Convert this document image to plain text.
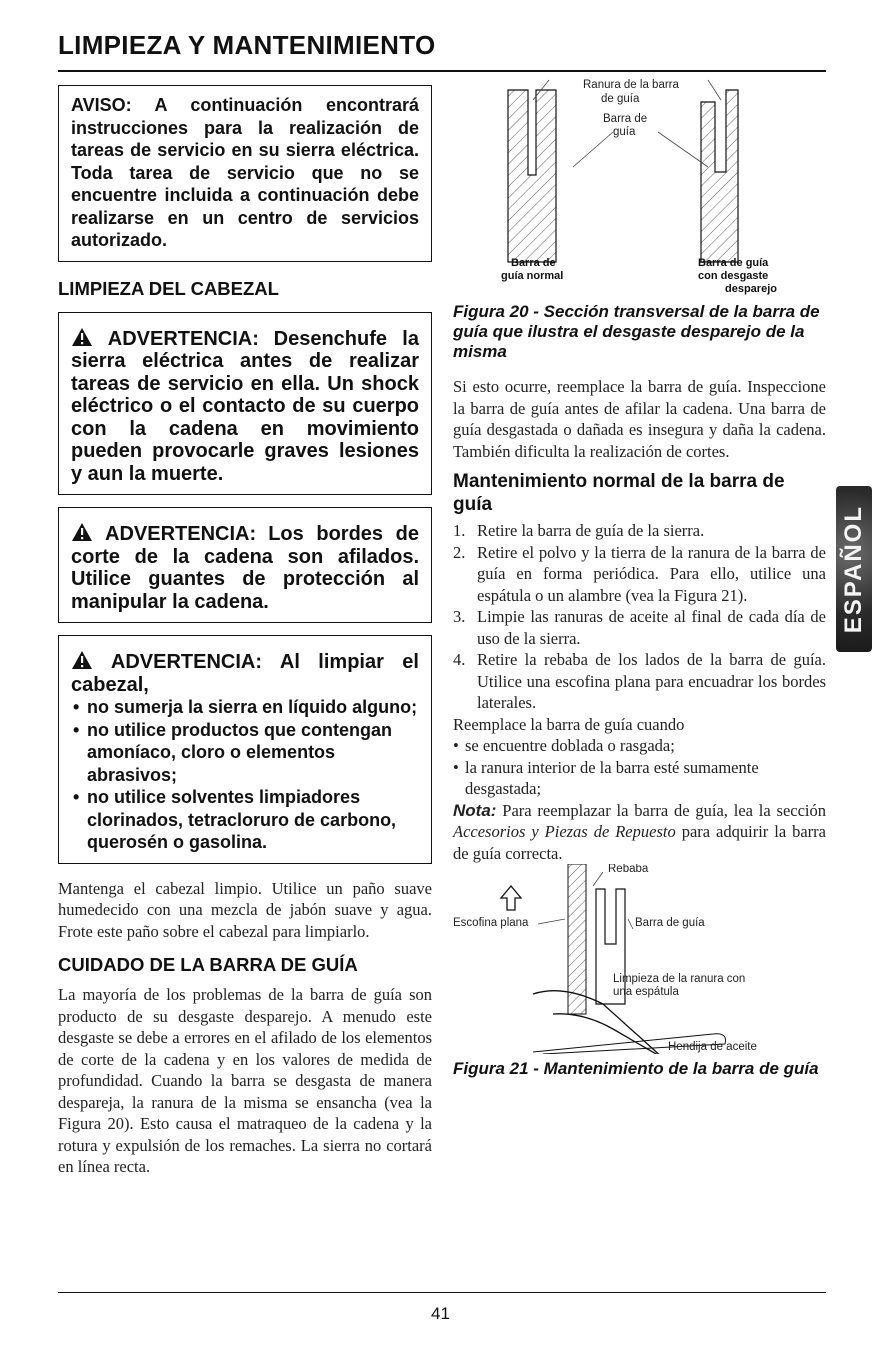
LIMPIEZA Y MANTENIMIENTO
AVISO: A continuación encontrará instrucciones para la realización de tareas de servicio en su sierra eléctrica. Toda tarea de servicio que no se encuentre incluida a continuación debe realizarse en un centro de servicios autorizado.
LIMPIEZA DEL CABEZAL
ADVERTENCIA: Desenchufe la sierra eléctrica antes de realizar tareas de servicio en ella. Un shock eléctrico o el contacto de su cuerpo con la cadena en movimiento pueden provocarle graves lesiones y aun la muerte.
ADVERTENCIA: Los bordes de corte de la cadena son afilados. Utilice guantes de protección al manipular la cadena.
ADVERTENCIA: Al limpiar el cabezal,
• no sumerja la sierra en líquido alguno;
• no utilice productos que contengan amoníaco, cloro o elementos abrasivos;
• no utilice solventes limpiadores clorinados, tetracloruro de carbono, querosén o gasolina.

Mantenga el cabezal limpio. Utilice un paño suave humedecido con una mezcla de jabón suave y agua. Frote este paño sobre el cabezal para limpiarlo.

CUIDADO DE LA BARRA DE GUÍA

La mayoría de los problemas de la barra de guía son producto de su desgaste desparejo. A menudo este desgaste se debe a errores en el afilado de los elementos de corte de la cadena y en los valores de medida de profundidad. Cuando la barra se desgasta de manera despareja, la ranura de la misma se ensancha (vea la Figura 20). Esto causa el matraqueo de la cadena y la rotura y expulsión de los remaches. La sierra no cortará en línea recta.

Ranura de la barra
de guía
Barra de
guía
Barra de
guía normal
Barra de guía
con desgaste
desparejo
Figura 20 - Sección transversal de la barra de guía que ilustra el desgaste desparejo de la misma

Si esto ocurre, reemplace la barra de guía. Inspeccione la barra de guía antes de afilar la cadena. Una barra de guía desgastada o dañada es insegura y daña la cadena. También dificulta la realización de cortes.

Mantenimiento normal de la barra de guía
1. Retire la barra de guía de la sierra.
2. Retire el polvo y la tierra de la ranura de la barra de guía en forma periódica. Para ello, utilice una espátula o un alambre (vea la Figura 21).
3. Limpie las ranuras de aceite al final de cada día de uso de la sierra.
4. Retire la rebaba de los lados de la barra de guía. Utilice una escofina plana para encuadrar los bordes laterales.

Reemplace la barra de guía cuando

• se encuentre doblada o rasgada;
• la ranura interior de la barra esté sumamente desgastada;

Nota: Para reemplazar la barra de guía, lea la sección Accesorios y Piezas de Repuesto para adquirir la barra de guía correcta.

Rebaba
Escofina plana	Barra de guía
Limpieza de la ranura con
una espátula
Hendija de aceite
Figura 21 - Mantenimiento de la barra de guía
ESPAÑOL
41
